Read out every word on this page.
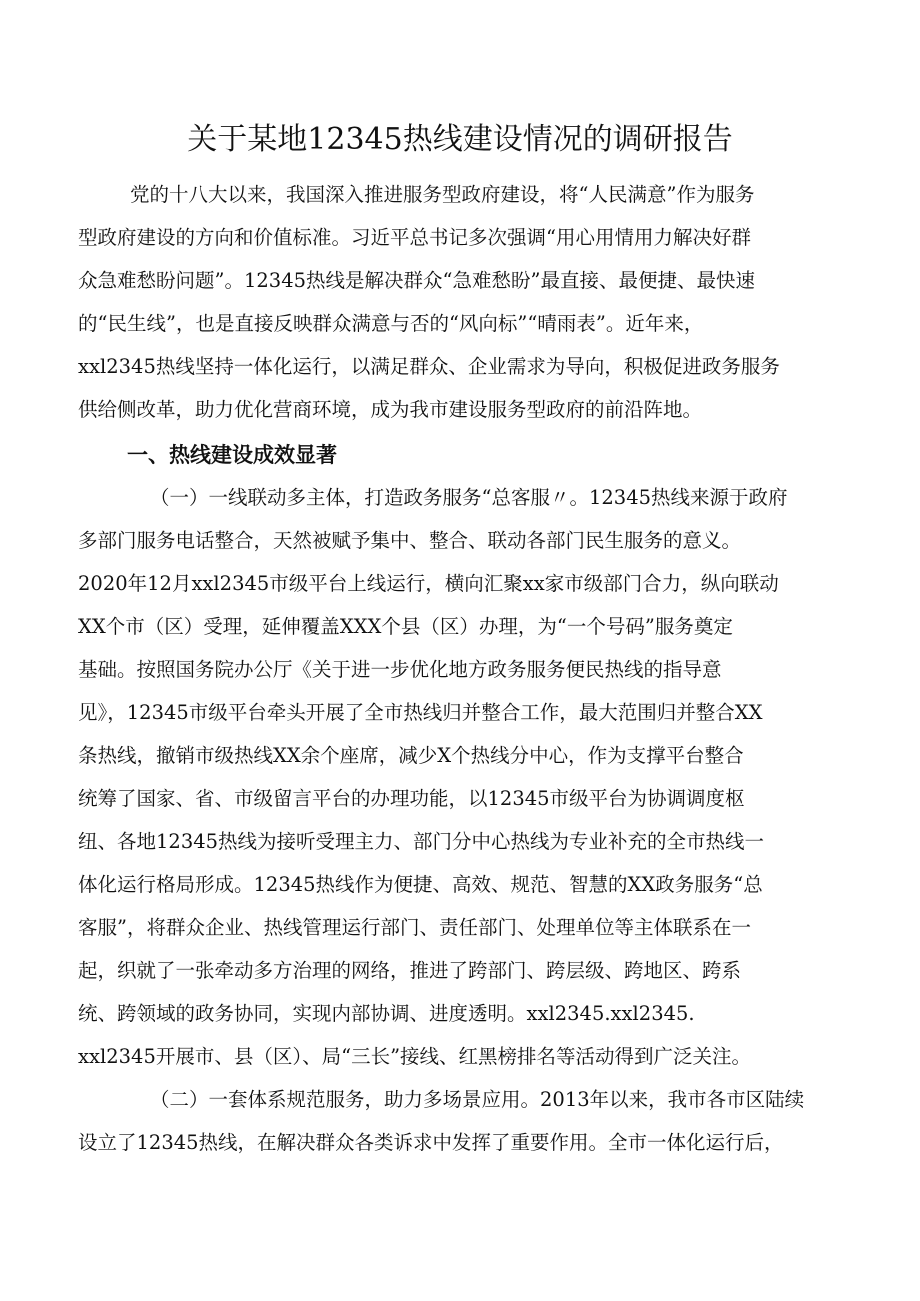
关于某地12345热线建设情况的调研报告
党的十八大以来，我国深入推进服务型政府建设，将“人民满意”作为服务
型政府建设的方向和价值标准。习近平总书记多次强调“用心用情用力解决好群
众急难愁盼问题”。12345热线是解决群众“急难愁盼”最直接、最便捷、最快速
的“民生线”，也是直接反映群众满意与否的“风向标”“晴雨表”。近年来，
xxl2345热线坚持一体化运行，以满足群众、企业需求为导向，积极促进政务服务
供给侧改革，助力优化营商环境，成为我市建设服务型政府的前沿阵地。
一、热线建设成效显著
（一）一线联动多主体，打造政务服务“总客服〃。12345热线来源于政府
多部门服务电话整合，天然被赋予集中、整合、联动各部门民生服务的意义。
2020年12月xxl2345市级平台上线运行，横向汇聚xx家市级部门合力，纵向联动
XX个市（区）受理，延伸覆盖XXX个县（区）办理，为“一个号码”服务奠定
基础。按照国务院办公厅《关于进一步优化地方政务服务便民热线的指导意
见》，12345市级平台牵头开展了全市热线归并整合工作，最大范围归并整合XX
条热线，撤销市级热线XX余个座席，减少X个热线分中心，作为支撑平台整合
统筹了国家、省、市级留言平台的办理功能，以12345市级平台为协调调度枢
纽、各地12345热线为接听受理主力、部门分中心热线为专业补充的全市热线一
体化运行格局形成。12345热线作为便捷、高效、规范、智慧的XX政务服务“总
客服”，将群众企业、热线管理运行部门、责任部门、处理单位等主体联系在一
起，织就了一张牵动多方治理的网络，推进了跨部门、跨层级、跨地区、跨系
统、跨领域的政务协同，实现内部协调、进度透明。xxl2345.xxl2345.
xxl2345开展市、县（区）、局“三长”接线、红黑榜排名等活动得到广泛关注。
（二）一套体系规范服务，助力多场景应用。2013年以来，我市各市区陆续
设立了12345热线，在解决群众各类诉求中发挥了重要作用。全市一体化运行后，
